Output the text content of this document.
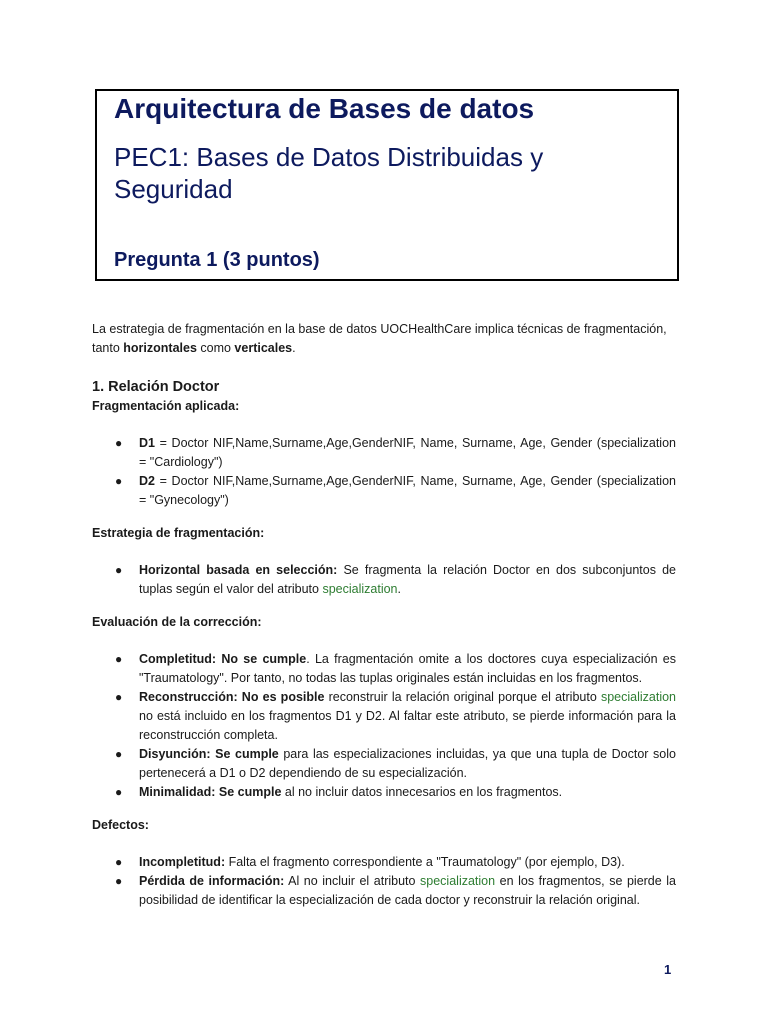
Arquitectura de Bases de datos
PEC1: Bases de Datos Distribuidas y Seguridad
Pregunta 1 (3 puntos)

La estrategia de fragmentación en la base de datos UOCHealthCare implica técnicas de fragmentación, tanto horizontales como verticales.

1. Relación Doctor

Fragmentación aplicada:

● D1 = Doctor NIF,Name,Surname,Age,GenderNIF, Name, Surname, Age, Gender (specialization = "Cardiology")
● D2 = Doctor NIF,Name,Surname,Age,GenderNIF, Name, Surname, Age, Gender (specialization = "Gynecology")

Estrategia de fragmentación:

● Horizontal basada en selección: Se fragmenta la relación Doctor en dos subconjuntos de tuplas según el valor del atributo specialization.

Evaluación de la corrección:

● Completitud: No se cumple. La fragmentación omite a los doctores cuya especialización es "Traumatology". Por tanto, no todas las tuplas originales están incluidas en los fragmentos.
● Reconstrucción: No es posible reconstruir la relación original porque el atributo specialization no está incluido en los fragmentos D1 y D2. Al faltar este atributo, se pierde información para la reconstrucción completa.
● Disyunción: Se cumple para las especializaciones incluidas, ya que una tupla de Doctor solo pertenecerá a D1 o D2 dependiendo de su especialización.
● Minimalidad: Se cumple al no incluir datos innecesarios en los fragmentos.

Defectos:

● Incompletitud: Falta el fragmento correspondiente a "Traumatology" (por ejemplo, D3).
● Pérdida de información: Al no incluir el atributo specialization en los fragmentos, se pierde la posibilidad de identificar la especialización de cada doctor y reconstruir la relación original.
1
